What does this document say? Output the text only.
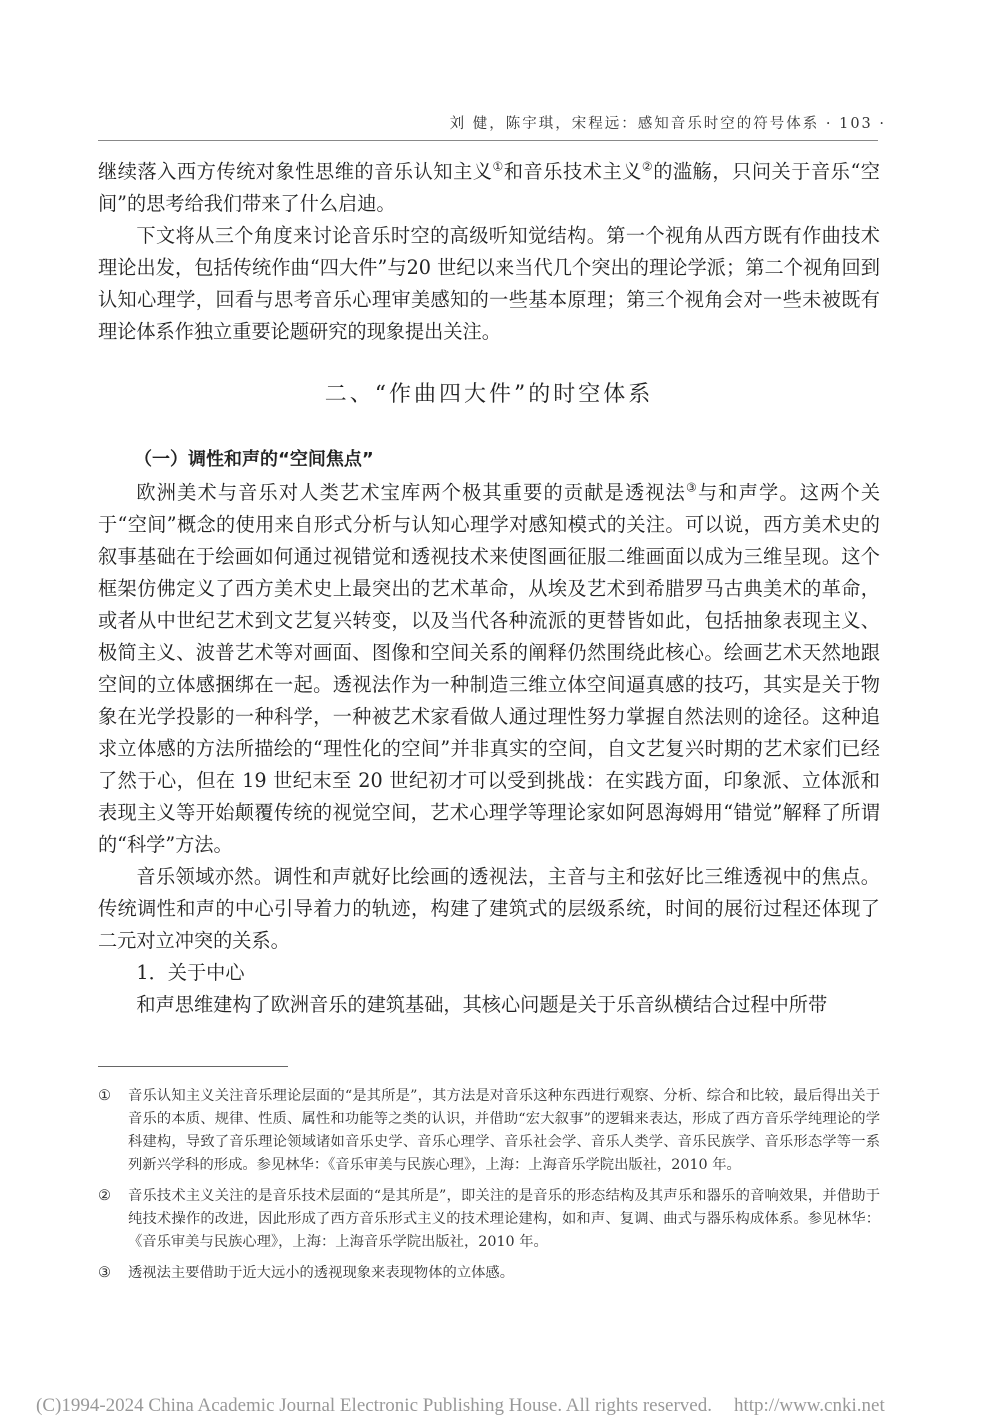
刘 健，陈宇琪，宋程远：感知音乐时空的符号体系 · 103 ·

继续落入西方传统对象性思维的音乐认知主义①和音乐技术主义②的滥觞，只问关于音乐“空间”的思考给我们带来了什么启迪。

下文将从三个角度来讨论音乐时空的高级听知觉结构。第一个视角从西方既有作曲技术理论出发，包括传统作曲“四大件”与20 世纪以来当代几个突出的理论学派；第二个视角回到认知心理学，回看与思考音乐心理审美感知的一些基本原理；第三个视角会对一些未被既有理论体系作独立重要论题研究的现象提出关注。

二、“作曲四大件”的时空体系
（一）调性和声的“空间焦点”

欧洲美术与音乐对人类艺术宝库两个极其重要的贡献是透视法③与和声学。这两个关于“空间”概念的使用来自形式分析与认知心理学对感知模式的关注。可以说，西方美术史的叙事基础在于绘画如何通过视错觉和透视技术来使图画征服二维画面以成为三维呈现。这个框架仿佛定义了西方美术史上最突出的艺术革命，从埃及艺术到希腊罗马古典美术的革命，或者从中世纪艺术到文艺复兴转变，以及当代各种流派的更替皆如此，包括抽象表现主义、极简主义、波普艺术等对画面、图像和空间关系的阐释仍然围绕此核心。绘画艺术天然地跟空间的立体感捆绑在一起。透视法作为一种制造三维立体空间逼真感的技巧，其实是关于物象在光学投影的一种科学，一种被艺术家看做人通过理性努力掌握自然法则的途径。这种追求立体感的方法所描绘的“理性化的空间”并非真实的空间，自文艺复兴时期的艺术家们已经了然于心，但在 19 世纪末至 20 世纪初才可以受到挑战：在实践方面，印象派、立体派和表现主义等开始颠覆传统的视觉空间，艺术心理学等理论家如阿恩海姆用“错觉”解释了所谓的“科学”方法。

音乐领域亦然。调性和声就好比绘画的透视法，主音与主和弦好比三维透视中的焦点。传统调性和声的中心引导着力的轨迹，构建了建筑式的层级系统，时间的展衍过程还体现了二元对立冲突的关系。

1．关于中心

和声思维建构了欧洲音乐的建筑基础，其核心问题是关于乐音纵横结合过程中所带

①	音乐认知主义关注音乐理论层面的“是其所是”，其方法是对音乐这种东西进行观察、分析、综合和比较，最后得出关于音乐的本质、规律、性质、属性和功能等之类的认识，并借助“宏大叙事”的逻辑来表达，形成了西方音乐学纯理论的学科建构，导致了音乐理论领域诸如音乐史学、音乐心理学、音乐社会学、音乐人类学、音乐民族学、音乐形态学等一系列新兴学科的形成。参见林华：《音乐审美与民族心理》，上海：上海音乐学院出版社，2010 年。
②	音乐技术主义关注的是音乐技术层面的“是其所是”，即关注的是音乐的形态结构及其声乐和器乐的音响效果，并借助于纯技术操作的改进，因此形成了西方音乐形式主义的技术理论建构，如和声、复调、曲式与器乐构成体系。参见林华：《音乐审美与民族心理》，上海：上海音乐学院出版社，2010 年。
③	透视法主要借助于近大远小的透视现象来表现物体的立体感。
(C)1994-2024 China Academic Journal Electronic Publishing House. All rights reserved. http://www.cnki.net
